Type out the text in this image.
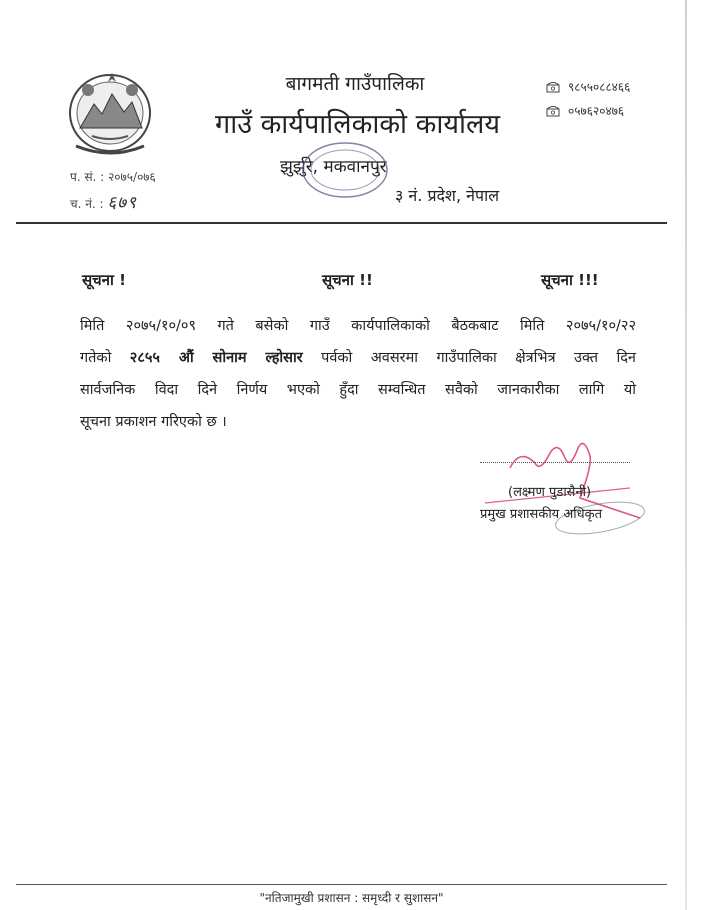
बागमती गाउँपालिका
गाउँ कार्यपालिकाको कार्यालय
झुर्झुरे, मकवानपुर
३ नं. प्रदेश, नेपाल
९८५५०८८४६६
०५७६२०४७६
प. सं. : २०७५/०७६
च. नं. : ६७९
सूचना !	सूचना !!	सूचना !!!
मिति २०७५/१०/०९ गते बसेको गाउँ कार्यपालिकाको बैठकबाट मिति २०७५/१०/२२
गतेको २८५५ औं सोनाम ल्होसार पर्वको अवसरमा गाउँपालिका क्षेत्रभित्र उक्त दिन
सार्वजनिक विदा दिने निर्णय भएको हुँदा सम्वन्धित सवैको जानकारीका लागि यो
सूचना प्रकाशन गरिएको छ ।
(लक्ष्मण पुडासैनी)
प्रमुख प्रशासकीय अधिकृत
"नतिजामुखी प्रशासन : समृध्दी र सुशासन"
